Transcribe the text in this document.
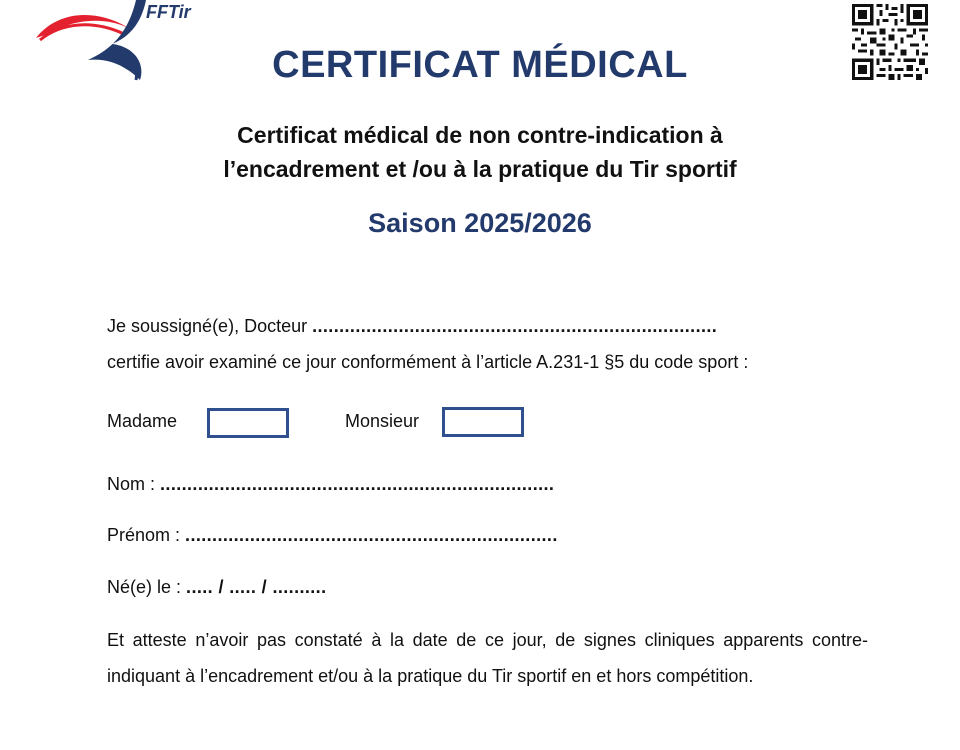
FFTir
CERTIFICAT MÉDICAL
Certificat médical de non contre-indication à
l’encadrement et /ou à la pratique du Tir sportif
Saison 2025/2026
Je soussigné(e), Docteur ...........................................................................
certifie avoir examiné ce jour conformément à l’article A.231-1 §5 du code sport :
Madame	Monsieur
Nom : .........................................................................
Prénom : .....................................................................
Né(e) le : ..... / ..... / ..........
Et atteste n’avoir pas constaté à la date de ce jour, de signes cliniques apparents contre-indiquant à l’encadrement et/ou à la pratique du Tir sportif en et hors compétition.
